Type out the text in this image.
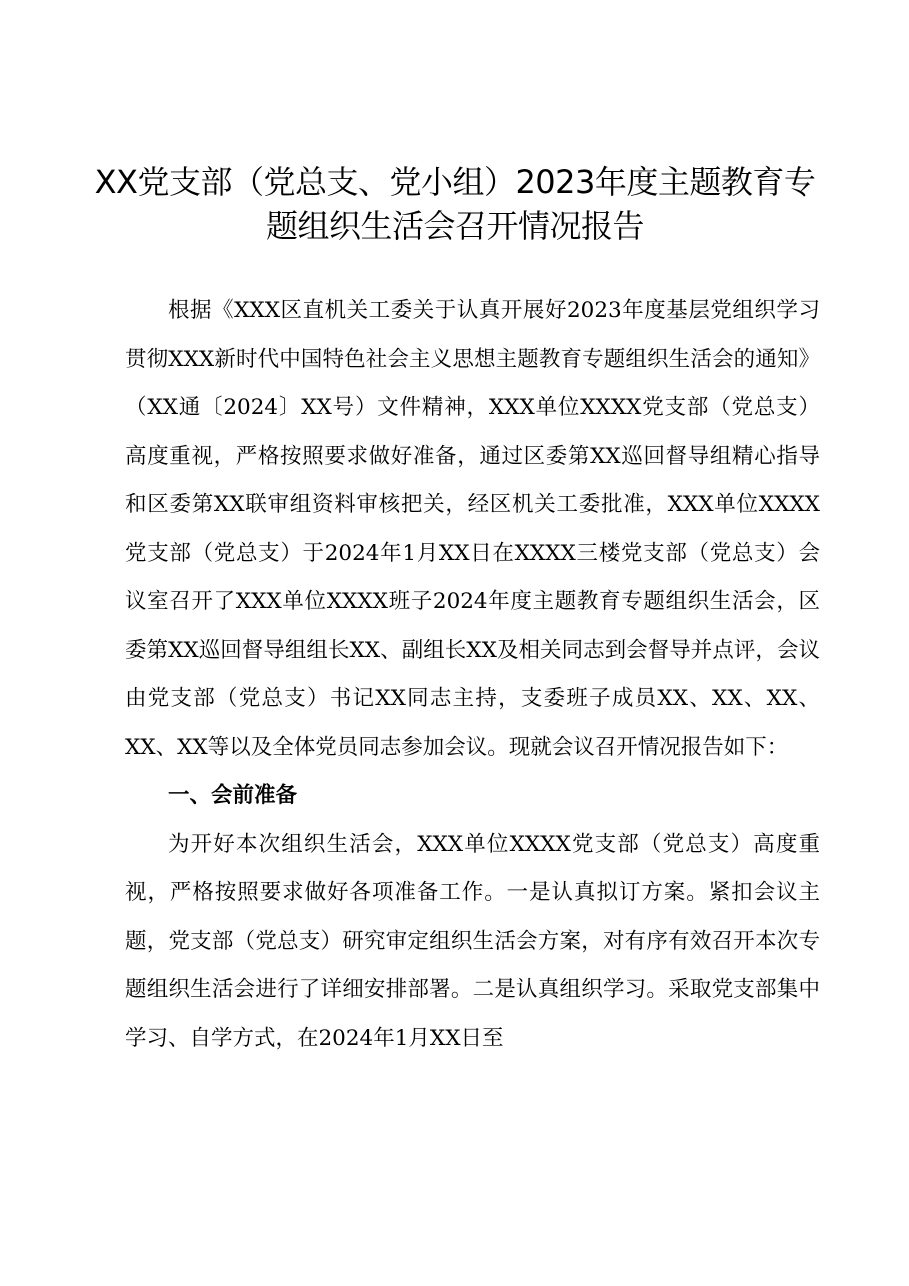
XX党支部（党总支、党小组）2023年度主题教育专题组织生活会召开情况报告

根据《XXX区直机关工委关于认真开展好2023年度基层党组织学习贯彻XXX新时代中国特色社会主义思想主题教育专题组织生活会的通知》（XX通〔2024〕XX号）文件精神，XXX单位XXXX党支部（党总支）高度重视，严格按照要求做好准备，通过区委第XX巡回督导组精心指导和区委第XX联审组资料审核把关，经区机关工委批准，XXX单位XXXX党支部（党总支）于2024年1月XX日在XXXX三楼党支部（党总支）会议室召开了XXX单位XXXX班子2024年度主题教育专题组织生活会，区委第XX巡回督导组组长XX、副组长XX及相关同志到会督导并点评，会议由党支部（党总支）书记XX同志主持，支委班子成员XX、XX、XX、XX、XX等以及全体党员同志参加会议。现就会议召开情况报告如下：

一、会前准备

为开好本次组织生活会，XXX单位XXXX党支部（党总支）高度重视，严格按照要求做好各项准备工作。一是认真拟订方案。紧扣会议主题，党支部（党总支）研究审定组织生活会方案，对有序有效召开本次专题组织生活会进行了详细安排部署。二是认真组织学习。采取党支部集中学习、自学方式，在2024年1月XX日至
